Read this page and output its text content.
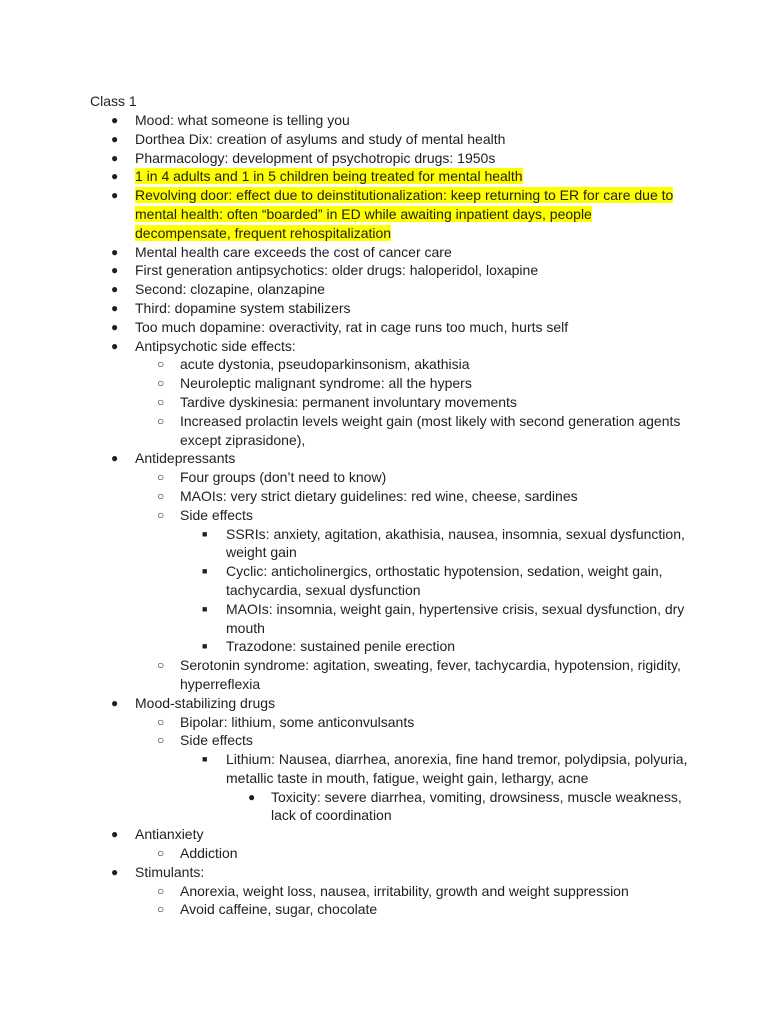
Class 1
● Mood: what someone is telling you
● Dorthea Dix: creation of asylums and study of mental health
● Pharmacology: development of psychotropic drugs: 1950s
● 1 in 4 adults and 1 in 5 children being treated for mental health
● Revolving door: effect due to deinstitutionalization: keep returning to ER for care due to mental health: often “boarded” in ED while awaiting inpatient days, people decompensate, frequent rehospitalization
● Mental health care exceeds the cost of cancer care
● First generation antipsychotics: older drugs: haloperidol, loxapine
● Second: clozapine, olanzapine
● Third: dopamine system stabilizers
● Too much dopamine: overactivity, rat in cage runs too much, hurts self
● Antipsychotic side effects:
○ acute dystonia, pseudoparkinsonism, akathisia
○ Neuroleptic malignant syndrome: all the hypers
○ Tardive dyskinesia: permanent involuntary movements
○ Increased prolactin levels weight gain (most likely with second generation agents except ziprasidone),
● Antidepressants
○ Four groups (don’t need to know)
○ MAOIs: very strict dietary guidelines: red wine, cheese, sardines
○ Side effects
■ SSRIs: anxiety, agitation, akathisia, nausea, insomnia, sexual dysfunction, weight gain
■ Cyclic: anticholinergics, orthostatic hypotension, sedation, weight gain, tachycardia, sexual dysfunction
■ MAOIs: insomnia, weight gain, hypertensive crisis, sexual dysfunction, dry mouth
■ Trazodone: sustained penile erection
○ Serotonin syndrome: agitation, sweating, fever, tachycardia, hypotension, rigidity, hyperreflexia
● Mood-stabilizing drugs
○ Bipolar: lithium, some anticonvulsants
○ Side effects
■ Lithium: Nausea, diarrhea, anorexia, fine hand tremor, polydipsia, polyuria, metallic taste in mouth, fatigue, weight gain, lethargy, acne
● Toxicity: severe diarrhea, vomiting, drowsiness, muscle weakness, lack of coordination
● Antianxiety
○ Addiction
● Stimulants:
○ Anorexia, weight loss, nausea, irritability, growth and weight suppression
○ Avoid caffeine, sugar, chocolate
